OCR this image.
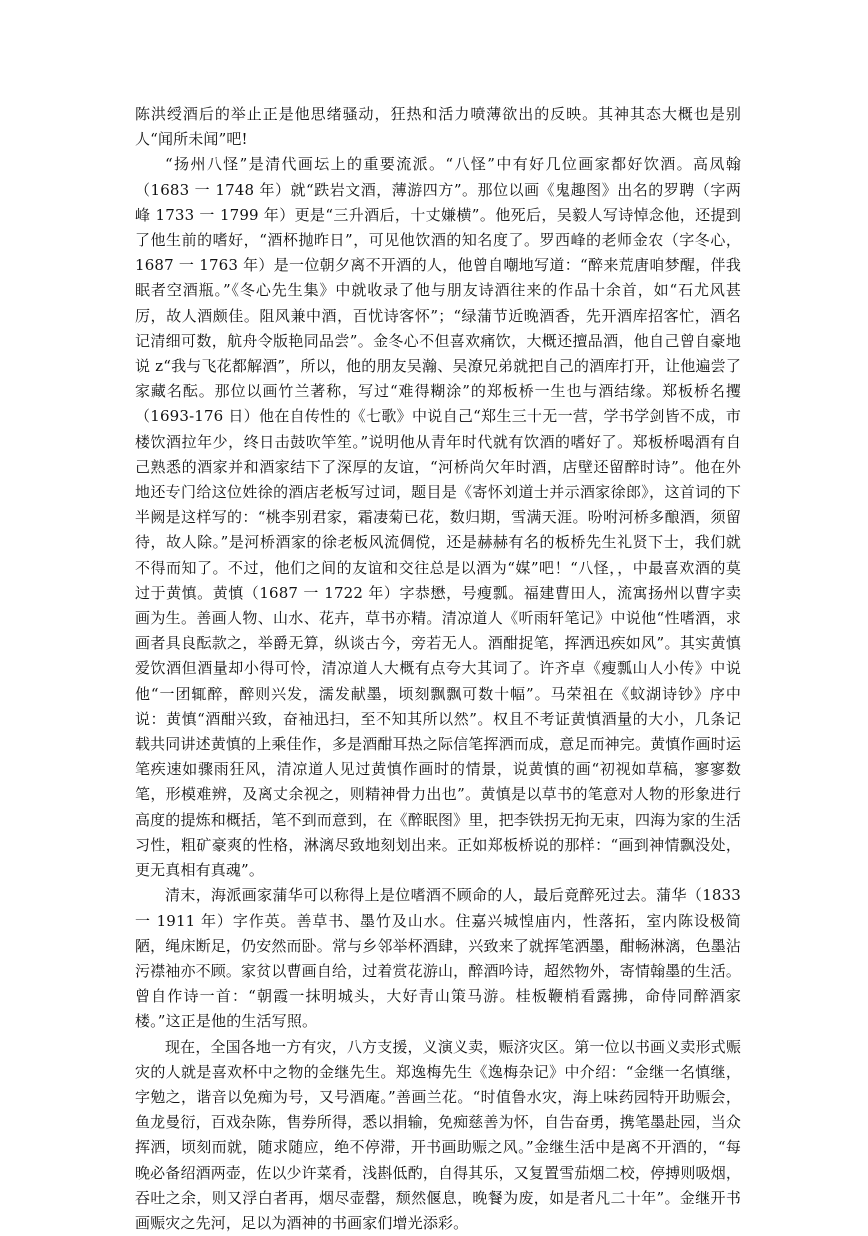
陈洪绶酒后的举止正是他思绪骚动，狂热和活力喷薄欲出的反映。其神其态大概也是别人“闻所未闻”吧!

“扬州八怪”是清代画坛上的重要流派。“八怪”中有好几位画家都好饮酒。高凤翰（1683 一 1748 年）就“跌岩文酒，薄游四方”。那位以画《鬼趣图》出名的罗聘（字两峰 1733 一 1799 年）更是“三升酒后，十丈嫌横”。他死后，吴毅人写诗悼念他，还提到了他生前的嗜好，“酒杯抛昨日”，可见他饮酒的知名度了。罗西峰的老师金农（字冬心，1687 一 1763 年）是一位朝夕离不开酒的人，他曾自嘲地写道：“醉来荒唐咱梦醒，伴我眠者空酒瓶。”《冬心先生集》中就收录了他与朋友诗酒往来的作品十余首，如“石尤风甚厉，故人酒颇佳。阻风兼中酒，百忧诗客怀”；“绿蒲节近晚酒香，先开酒库招客忙，酒名记清细可数，航舟令版艳同品尝”。金冬心不但喜欢痛饮，大概还擅品酒，他自己曾自豪地说 z“我与飞花都解酒”，所以，他的朋友吴瀚、吴潦兄弟就把自己的酒库打开，让他遍尝了家藏名酝。那位以画竹兰著称，写过“难得糊涂”的郑板桥一生也与酒结缘。郑板桥名攫（1693-176 日）他在自传性的《七歌》中说自己“郑生三十无一营，学书学剑皆不成，市楼饮酒拉年少，终日击鼓吹竿笙。”说明他从青年时代就有饮酒的嗜好了。郑板桥喝酒有自己熟悉的酒家并和酒家结下了深厚的友谊，“河桥尚欠年时酒，店壁还留醉时诗”。他在外地还专门给这位姓徐的酒店老板写过词，题目是《寄怀刘道士并示酒家徐郎》，这首词的下半阙是这样写的：“桃李别君家，霜凄菊已花，数归期，雪满天涯。吩咐河桥多酿酒，须留待，故人除。”是河桥酒家的徐老板风流倜傥，还是赫赫有名的板桥先生礼贤下士，我们就不得而知了。不过，他们之间的友谊和交往总是以酒为“媒”吧！“八怪，，中最喜欢酒的莫过于黄慎。黄慎（1687 一 1722 年）字恭懋，号瘦瓢。福建曹田人，流寓扬州以曹字卖画为生。善画人物、山水、花卉，草书亦精。清凉道人《听雨轩笔记》中说他“性嗜酒，求画者具良酝款之，举爵无算，纵谈古今，旁若无人。酒酣捉笔，挥洒迅疾如风”。其实黄慎爱饮酒但酒量却小得可怜，清凉道人大概有点夸大其词了。许齐卓《瘦瓢山人小传》中说他“一团辄醉，醉则兴发，濡发献墨，顷刻飘飘可数十幅”。马荣祖在《蚊湖诗钞》序中说：黄慎“酒酣兴致，奋袖迅扫，至不知其所以然”。权且不考证黄慎酒量的大小，几条记载共同讲述黄慎的上乘佳作，多是酒酣耳热之际信笔挥洒而成，意足而神完。黄慎作画时运笔疾速如骤雨狂风，清凉道人见过黄慎作画时的情景，说黄慎的画“初视如草稿，寥寥数笔，形模难辨，及离丈余视之，则精神骨力出也”。黄慎是以草书的笔意对人物的形象进行高度的提炼和概括，笔不到而意到，在《醉眠图》里，把李铁拐无拘无束，四海为家的生活习性，粗矿豪爽的性格，淋漓尽致地刻划出来。正如郑板桥说的那样：“画到神情飘没处，更无真相有真魂”。

清末，海派画家蒲华可以称得上是位嗜酒不顾命的人，最后竟醉死过去。蒲华（1833 一 1911 年）字作英。善草书、墨竹及山水。住嘉兴城惶庙内，性落拓，室内陈设极简陋，绳床断足，仍安然而卧。常与乡邻举杯酒肆，兴致来了就挥笔洒墨，酣畅淋漓，色墨沾污襟袖亦不顾。家贫以曹画自给，过着赏花游山，醉酒吟诗，超然物外，寄情翰墨的生活。曾自作诗一首：“朝霞一抹明城头，大好青山策马游。桂板鞭梢看露拂，命侍同醉酒家楼。”这正是他的生活写照。

现在，全国各地一方有灾，八方支援，义演义卖，赈济灾区。第一位以书画义卖形式赈灾的人就是喜欢杯中之物的金继先生。郑逸梅先生《逸梅杂记》中介绍：“金继一名慎继，字勉之，谐音以免痴为号，又号酒庵。”善画兰花。“时值鲁水灾，海上味药园特开助赈会，鱼龙曼衍，百戏杂陈，售券所得，悉以捐输，免痴慈善为怀，自告奋勇，携笔墨赴园，当众挥洒，顷刻而就，随求随应，绝不停滞，开书画助赈之风。”金继生活中是离不开酒的，“每晚必备绍酒两壶，佐以少许菜肴，浅斟低酌，自得其乐，又复置雪茄烟二校，停搏则吸烟，吞吐之余，则又浮白者再，烟尽壶罄，颓然偃息，晚餐为废，如是者凡二十年”。金继开书画赈灾之先河，足以为酒神的书画家们增光添彩。
